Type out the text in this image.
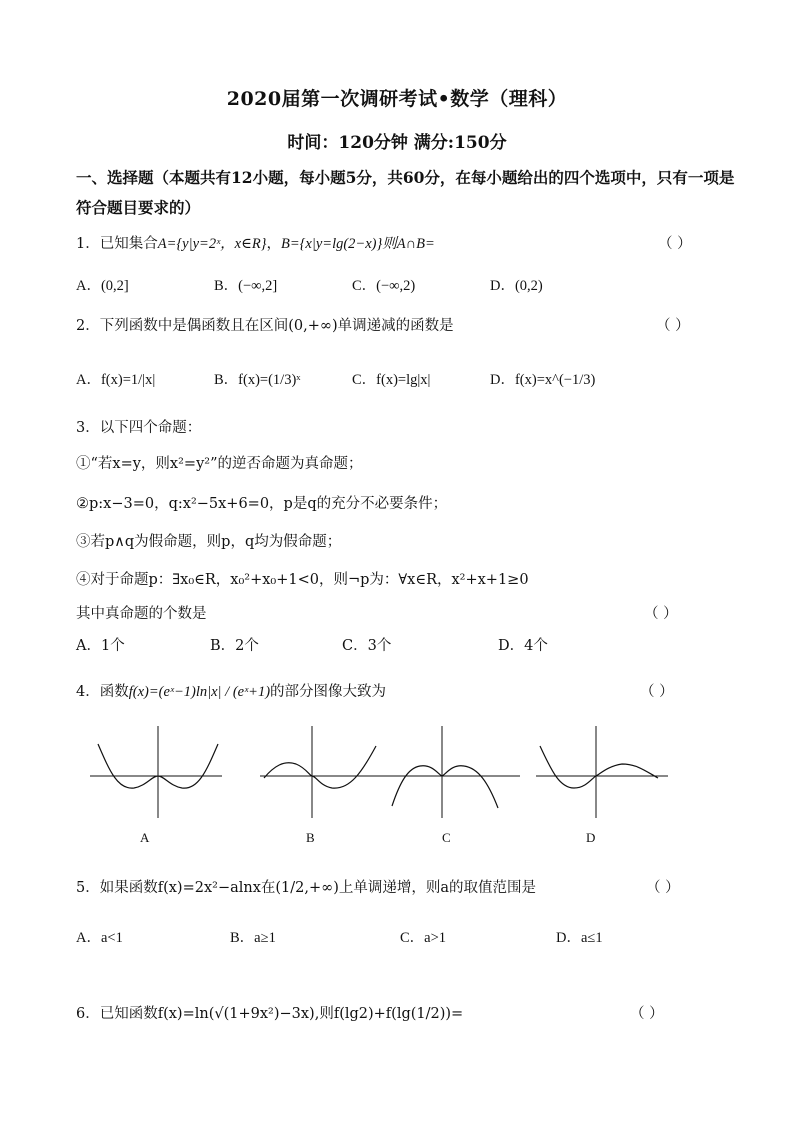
2020届第一次调研考试•数学（理科）
时间：120分钟 满分:150分
一、选择题（本题共有12小题，每小题5分，共60分，在每小题给出的四个选项中，只有一项是符合题目要求的）
1．已知集合A={y|y=2ˣ，x∈R}，B={x|y=lg(2−x)}则A∩B=	（ ）
A．(0,2]	B．(−∞,2]	C．(−∞,2)	D．(0,2)
2．下列函数中是偶函数且在区间(0,+∞)单调递减的函数是	（ ）
A．f(x)=1/|x|	B．f(x)=(1/3)ˣ	C．f(x)=lg|x|	D．f(x)=x^(−1/3)
3．以下四个命题：
①“若x=y，则x²=y²”的逆否命题为真命题；
②p:x−3=0，q:x²−5x+6=0，p是q的充分不必要条件；
③若p∧q为假命题，则p，q均为假命题；
④对于命题p：∃x₀∈R，x₀²+x₀+1<0，则¬p为：∀x∈R，x²+x+1≥0
其中真命题的个数是	（ ）
A．1个	B．2个	C．3个	D．4个
4．函数f(x)=(eˣ−1)ln|x| / (eˣ+1)的部分图像大致为	（ ）
A	B	C	D
5．如果函数f(x)=2x²−alnx在(1/2,+∞)上单调递增，则a的取值范围是	（ ）
A．a<1	B．a≥1	C．a>1	D．a≤1
6．已知函数f(x)=ln(√(1+9x²)−3x),则f(lg2)+f(lg(1/2))=	（ ）
